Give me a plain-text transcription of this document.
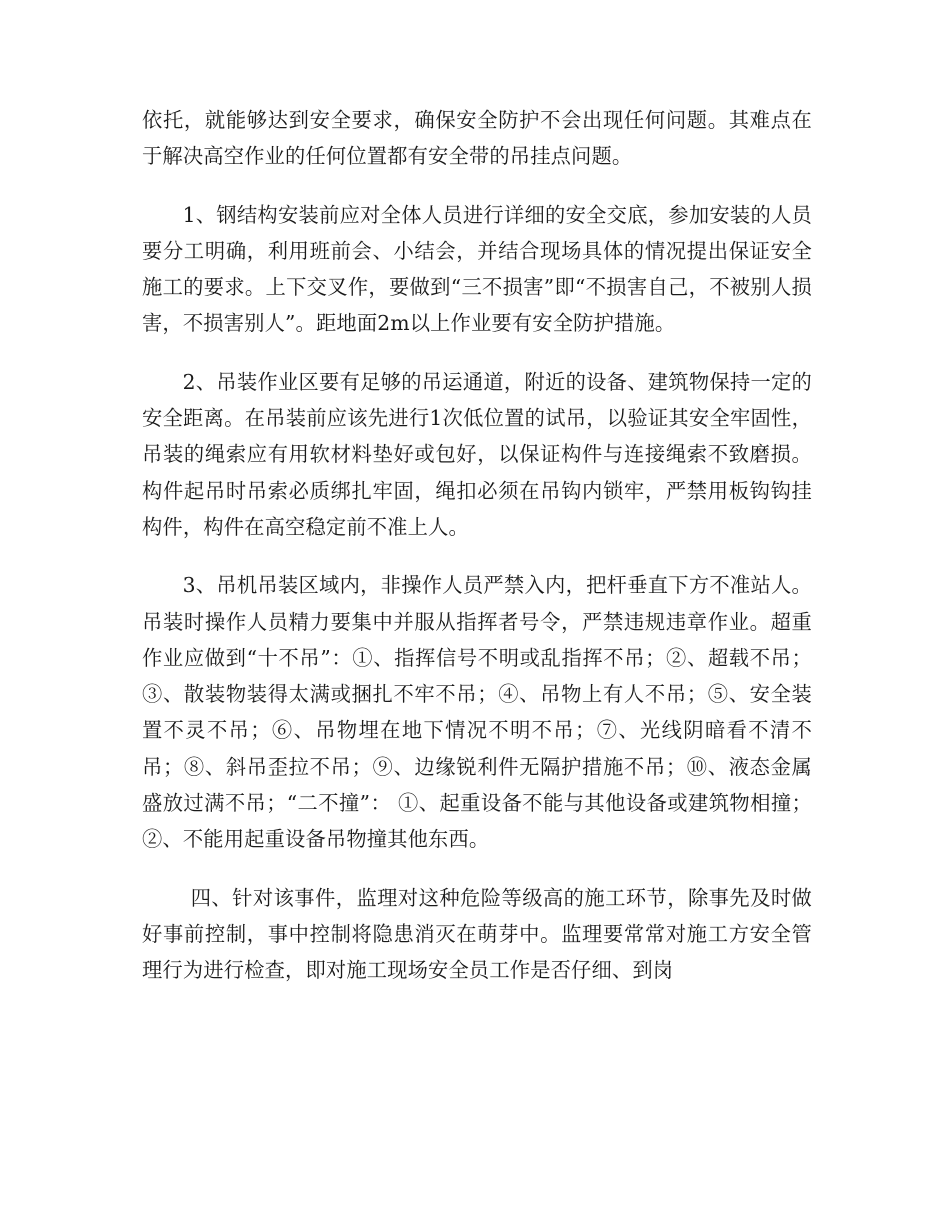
依托，就能够达到安全要求，确保安全防护不会出现任何问题。其难点在于解决高空作业的任何位置都有安全带的吊挂点问题。

1、钢结构安装前应对全体人员进行详细的安全交底，参加安装的人员要分工明确，利用班前会、小结会，并结合现场具体的情况提出保证安全施工的要求。上下交叉作，要做到“三不损害”即“不损害自己，不被别人损害，不损害别人”。距地面2m以上作业要有安全防护措施。

2、吊装作业区要有足够的吊运通道，附近的设备、建筑物保持一定的安全距离。在吊装前应该先进行1次低位置的试吊，以验证其安全牢固性，吊装的绳索应有用软材料垫好或包好，以保证构件与连接绳索不致磨损。构件起吊时吊索必质绑扎牢固，绳扣必须在吊钩内锁牢，严禁用板钩钩挂构件，构件在高空稳定前不准上人。

3、吊机吊装区域内，非操作人员严禁入内，把杆垂直下方不准站人。吊装时操作人员精力要集中并服从指挥者号令，严禁违规违章作业。超重作业应做到“十不吊”：①、指挥信号不明或乱指挥不吊；②、超载不吊；③、散装物装得太满或捆扎不牢不吊；④、吊物上有人不吊；⑤、安全装置不灵不吊；⑥、吊物埋在地下情况不明不吊；⑦、光线阴暗看不清不吊；⑧、斜吊歪拉不吊；⑨、边缘锐利件无隔护措施不吊；⑩、液态金属盛放过满不吊；“二不撞”： ①、起重设备不能与其他设备或建筑物相撞；②、不能用起重设备吊物撞其他东西。

四、针对该事件，监理对这种危险等级高的施工环节，除事先及时做好事前控制，事中控制将隐患消灭在萌芽中。监理要常常对施工方安全管理行为进行检查，即对施工现场安全员工作是否仔细、到岗
